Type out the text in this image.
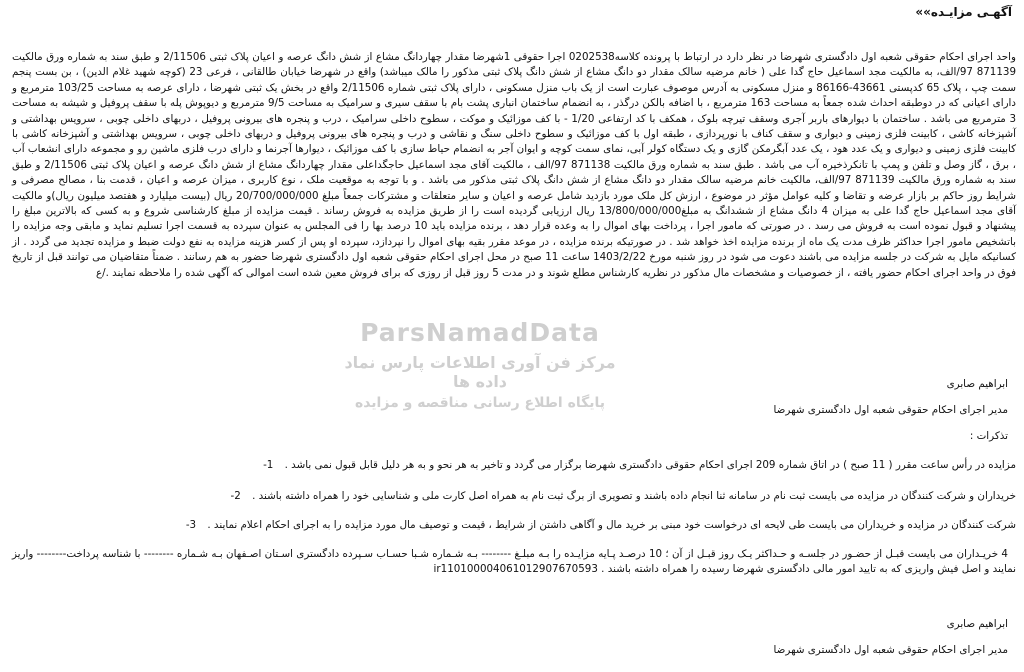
آگهـی مزایـده»»

واحد اجرای احکام حقوقی شعبه اول دادگستری شهرضا در نظر دارد در ارتباط با پرونده کلاسه0202538 اجرا حقوقی 1شهرضا مقدار چهاردانگ مشاع از شش دانگ عرصه و اعیان پلاک ثبتی 2/11506 و طبق سند به شماره ورق مالکیت 871139 97/الف، به مالکیت مجد اسماعیل حاج گدا علی ( خانم مرضیه سالک مقدار دو دانگ مشاع از شش دانگ پلاک ثبتی مذکور را مالک میباشد) واقع در شهرضا خیابان طالقانی ، فرعی 23 (کوچه شهید غلام الدین) ، بن بست پنجم سمت چپ ، پلاک 65 کدپستی 43661-86166 و منزل مسکونی به آدرس موصوف عبارت است از یک باب منزل مسکونی ، دارای پلاک ثبتی شماره 2/11506 واقع در بخش یک ثبتی شهرضا ، دارای عرصه به مساحت 103/25 مترمربع و دارای اعیانی که در دوطبقه احداث شده جمعاً به مساحت 163 مترمربع ، با اضافه بالکن درگذر ، به انضمام ساختمان انباری پشت بام با سقف سیری و سرامیک به مساحت 9/5 مترمربع و دیوپوش پله با سقف پروفیل و شیشه به مساحت 3 مترمربع می باشد . ساختمان با دیوارهای باربر آجری وسقف تیرچه بلوک ، همکف با کد ارتفاعی 1/20 - با کف موزائیک و موکت ، سطوح داخلی سرامیک ، درب و پنجره های بیرونی پروفیل ، دربهای داخلی چوبی ، سرویس بهداشتی و آشپزخانه کاشی ، کابینت فلزی زمینی و دیواری و سقف کناف با نورپردازی ، طبقه اول با کف موزائیک و سطوح داخلی سنگ و نقاشی و درب و پنجره های بیرونی پروفیل و دربهای داخلی چوبی ، سرویس بهداشتی و آشپزخانه کاشی با کابینت فلزی زمینی و دیواری و یک عدد هود ، یک عدد آبگرمکن گازی و یک دستگاه کولر آبی، نمای سمت کوچه و ایوان آجر به انضمام حیاط سازی با کف موزائیک ، دیوارها آجرنما و دارای درب فلزی ماشین رو و مجموعه دارای انشعاب آب ، برق ، گاز وصل و تلفن و پمپ با تانکرذخیره آب می باشد . طبق سند به شماره ورق مالکیت 871138 97/الف ، مالکیت آقای مجد اسماعیل حاجگداعلی مقدار چهاردانگ مشاع از شش دانگ عرصه و اعیان پلاک ثبتی 2/11506 و طبق سند به شماره ورق مالکیت 871139 97/الف، مالکیت خانم مرضیه سالک مقدار دو دانگ مشاع از شش دانگ پلاک ثبتی مذکور می باشد . و با توجه به موقعیت ملک ، نوع کاربری ، میزان عرصه و اعیان ، قدمت بنا ، مصالح مصرفی و شرایط روز حاکم بر بازار عرضه و تقاضا و کلیه عوامل مؤثر در موضوع ، ارزش کل ملک مورد بازدید شامل عرصه و اعیان و سایر متعلقات و مشترکات جمعاً مبلغ 20/700/000/000 ریال (بیست میلیارد و هفتصد میلیون ریال)و مالکیت آقای مجد اسماعیل حاج گدا علی به میزان 4 دانگ مشاع از ششدانگ به مبلغ13/800/000/000 ریال ارزیابی گردیده است را از طریق مزایده به فروش رساند . قیمت مزایده از مبلغ کارشناسی شروع و به کسی که بالاترین مبلغ را پیشنهاد و قبول نموده است به فروش می رسد . در صورتی که مامور اجرا ، پرداخت بهای اموال را به وعده قرار دهد ، برنده مزایده باید 10 درصد بها را فی المجلس به عنوان سپرده به قسمت اجرا تسلیم نماید و مابقی وجه مزایده را باتشخیص مامور اجرا حداکثر ظرف مدت یک ماه از برنده مزایده اخذ خواهد شد . در صورتیکه برنده مزایده ، در موعد مقرر بقیه بهای اموال را نپردازد، سپرده او پس از کسر هزینه مزایده به نفع دولت ضبط و مزایده تجدید می گردد . از کسانیکه مایل به شرکت در جلسه مزایده می باشند دعوت می شود در روز شنبه مورخ 1403/2/22 ساعت 11 صبح در محل اجرای احکام حقوقی شعبه اول دادگستری شهرضا حضور به هم رسانند . ضمناً متقاضیان می توانند قبل از تاریخ فوق در واحد اجرای احکام حضور یافته ، از خصوصیات و مشخصات مال مذکور در نظریه کارشناس مطلع شوند و در مدت 5 روز قبل از روزی که برای فروش معین شده است اموالی که آگهی شده را ملاحظه نمایند ./ع

ParsNamadData
مرکز فن آوری اطلاعات پارس نماد داده ها
پایگاه اطلاع رسانی مناقصه و مزایده
ابراهیم صابری
مدیر اجرای احکام حقوقی شعبه اول دادگستری شهرضا
تذکرات :

مزایده در رأس ساعت مقرر ( 11 صبح ) در اتاق شماره 209 اجرای احکام حقوقی دادگستری شهرضا برگزار می گردد و تاخیر به هر نحو و به هر دلیل قابل قبول نمی باشد . 1-

خریداران و شرکت کنندگان در مزایده می بایست ثبت نام در سامانه ثنا انجام داده باشند و تصویری از برگ ثبت نام به همراه اصل کارت ملی و شناسایی خود را همراه داشته باشند . 2-

شرکت کنندگان در مزایده و خریداران می بایست طی لایحه ای درخواست خود مبنی بر خرید مال و آگاهی داشتن از شرایط ، قیمت و توصیف مال مورد مزایده را به اجرای احکام اعلام نمایند . 3-

4 خریـداران می بایست قبـل از حضـور در جلسـه و حـداکثر یـک روز قبـل از آن ؛ 10 درصـد پـایه مزایـده را بـه مبلـغ -------- بـه شـماره شـبا حسـاب سـپرده دادگستری اسـتان اصـفهان بـه شـماره -------- با شناسه پرداخت-------- واریز نمایند و اصل فیش واریزی که به تایید امور مالی دادگستری شهرضا رسیده را همراه داشته باشند . ir110100004061012907670593

ابراهیم صابری
مدیر اجرای احکام حقوقی شعبه اول دادگستری شهرضا
